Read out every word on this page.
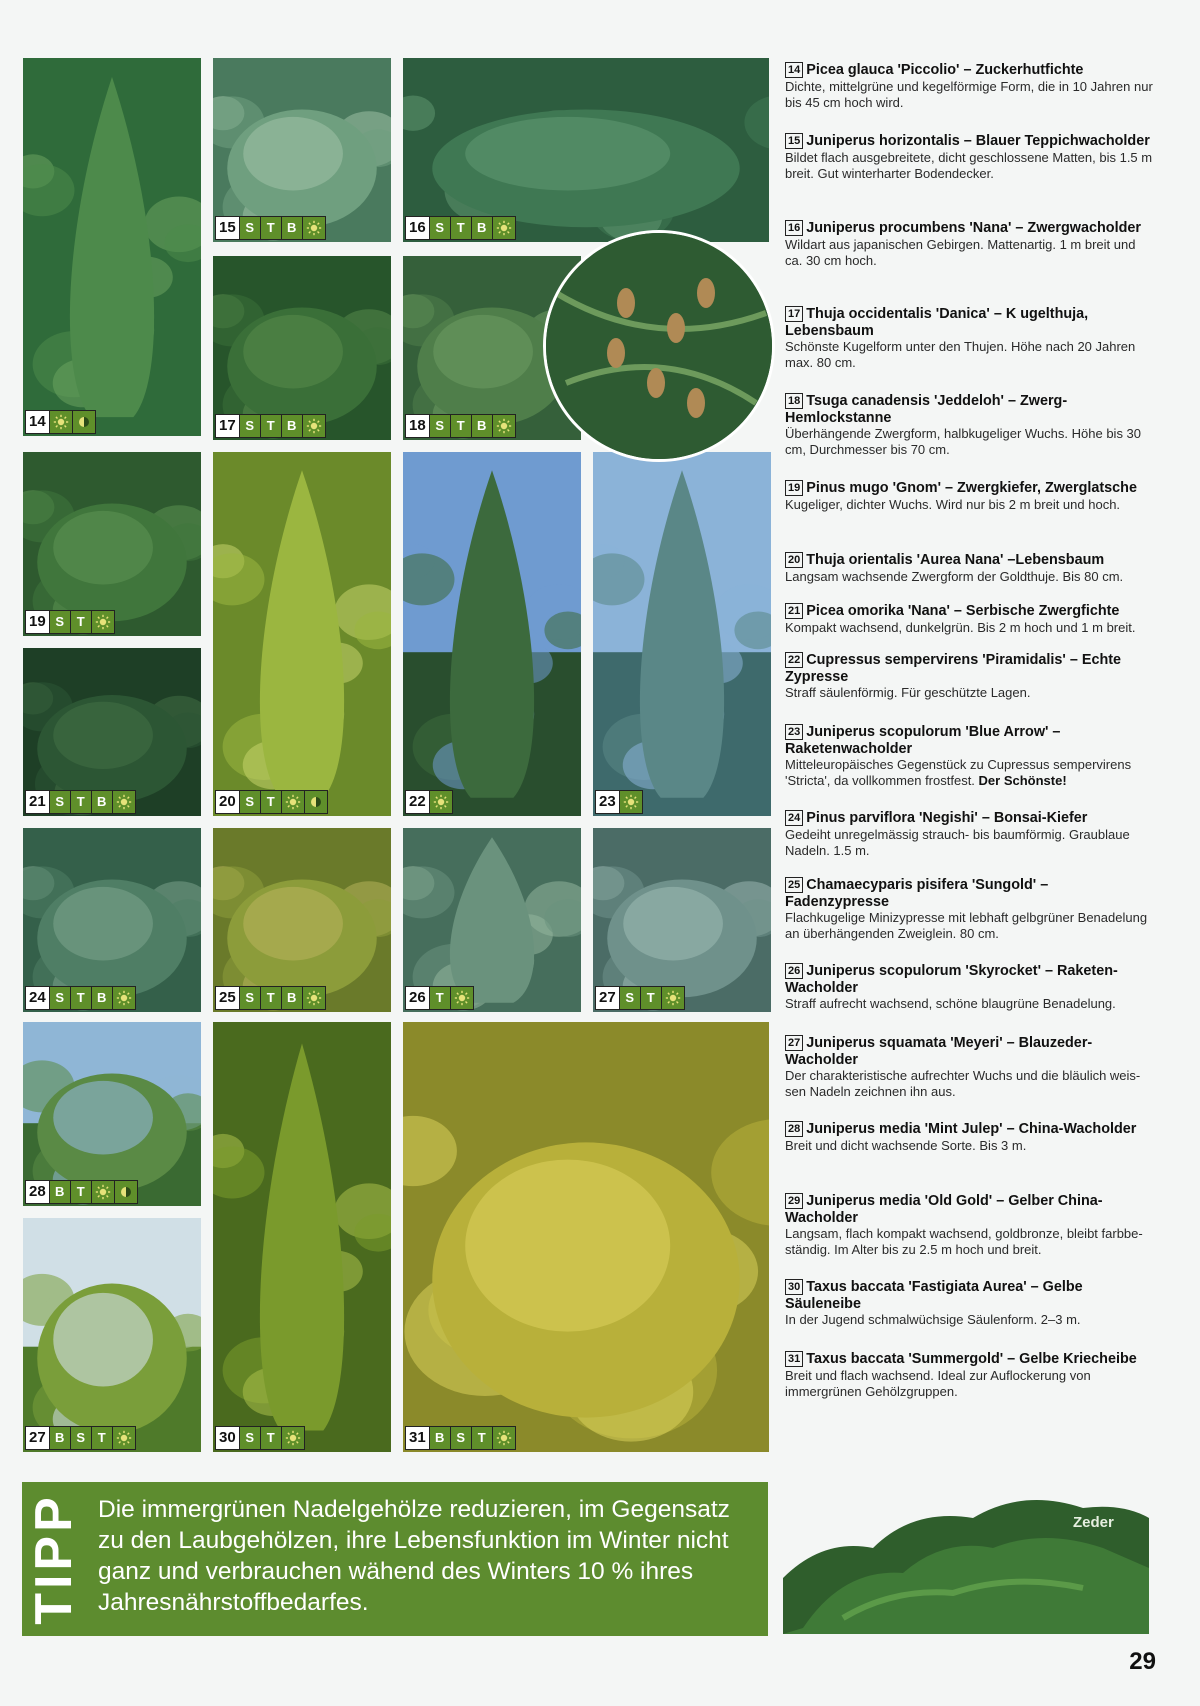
14
15 S T B	16 S T B
17 S T B	18 S T B
19 S T
20 S T
21 S T B	22	23
24 S T B	25 S T B	26 T	27 S T
28 B T
27 B S T	30 S T	31 B S T
14 Picea glauca 'Piccolio' – Zuckerhutfichte
Dichte, mittelgrüne und kegelförmige Form, die in 10 Jahren nur bis 45 cm hoch wird.
15 Juniperus horizontalis – Blauer Teppichwacholder
Bildet flach ausgebreitete, dicht geschlossene Matten, bis 1.5 m breit. Gut winterharter Bodendecker.
16 Juniperus procumbens 'Nana' – Zwergwacholder
Wildart aus japanischen Gebirgen. Mattenartig. 1 m breit und ca. 30 cm hoch.
17 Thuja occidentalis 'Danica' – K ugelthuja, Lebensbaum
Schönste Kugelform unter den Thujen. Höhe nach 20 Jahren max. 80 cm.
18 Tsuga canadensis 'Jeddeloh' – Zwerg-Hemlockstanne
Überhängende Zwergform, halbkugeliger Wuchs. Höhe bis 30 cm, Durchmesser bis 70 cm.
19 Pinus mugo 'Gnom' – Zwergkiefer, Zwerglatsche
Kugeliger, dichter Wuchs. Wird nur bis 2 m breit und hoch.
20 Thuja orientalis 'Aurea Nana' –Lebensbaum
Langsam wachsende Zwergform der Goldthuje. Bis 80 cm.
21 Picea omorika 'Nana' – Serbische Zwergfichte
Kompakt wachsend, dunkelgrün. Bis 2 m hoch und 1 m breit.
22 Cupressus sempervirens 'Piramidalis' – Echte Zypresse
Straff säulenförmig. Für geschützte Lagen.
23 Juniperus scopulorum 'Blue Arrow' – Raketenwacholder
Mitteleuropäisches Gegenstück zu Cupressus sempervirens 'Stricta', da vollkommen frostfest. Der Schönste!
24 Pinus parviflora 'Negishi' – Bonsai-Kiefer
Gedeiht unregelmässig strauch- bis baumförmig. Graublaue Nadeln. 1.5 m.
25 Chamaecyparis pisifera 'Sungold' – Fadenzypresse
Flachkugelige Minizypresse mit lebhaft gelbgrüner Benadelung an überhängenden Zweiglein. 80 cm.
26 Juniperus scopulorum 'Skyrocket' – Raketen-Wacholder
Straff aufrecht wachsend, schöne blaugrüne Benadelung.
27 Juniperus squamata 'Meyeri' – Blauzeder-Wacholder
Der charakteristische aufrechter Wuchs und die bläulich weis-sen Nadeln zeichnen ihn aus.
28 Juniperus media 'Mint Julep' – China-Wacholder
Breit und dicht wachsende Sorte. Bis 3 m.
29 Juniperus media 'Old Gold' – Gelber China-Wacholder
Langsam, flach kompakt wachsend, goldbronze, bleibt farbbe-ständig. Im Alter bis zu 2.5 m hoch und breit.
30 Taxus baccata 'Fastigiata Aurea' – Gelbe Säuleneibe
In der Jugend schmalwüchsige Säulenform. 2–3 m.
31 Taxus baccata 'Summergold' – Gelbe Kriecheibe
Breit und flach wachsend. Ideal zur Auflockerung von immergrünen Gehölzgruppen.
TIPP Die immergrünen Nadelgehölze reduzieren, im Gegensatz zu den Laubgehölzen, ihre Lebensfunktion im Winter nicht ganz und verbrauchen wähend des Winters 10 % ihres Jahresnährstoffbedarfes.
Zeder
29
